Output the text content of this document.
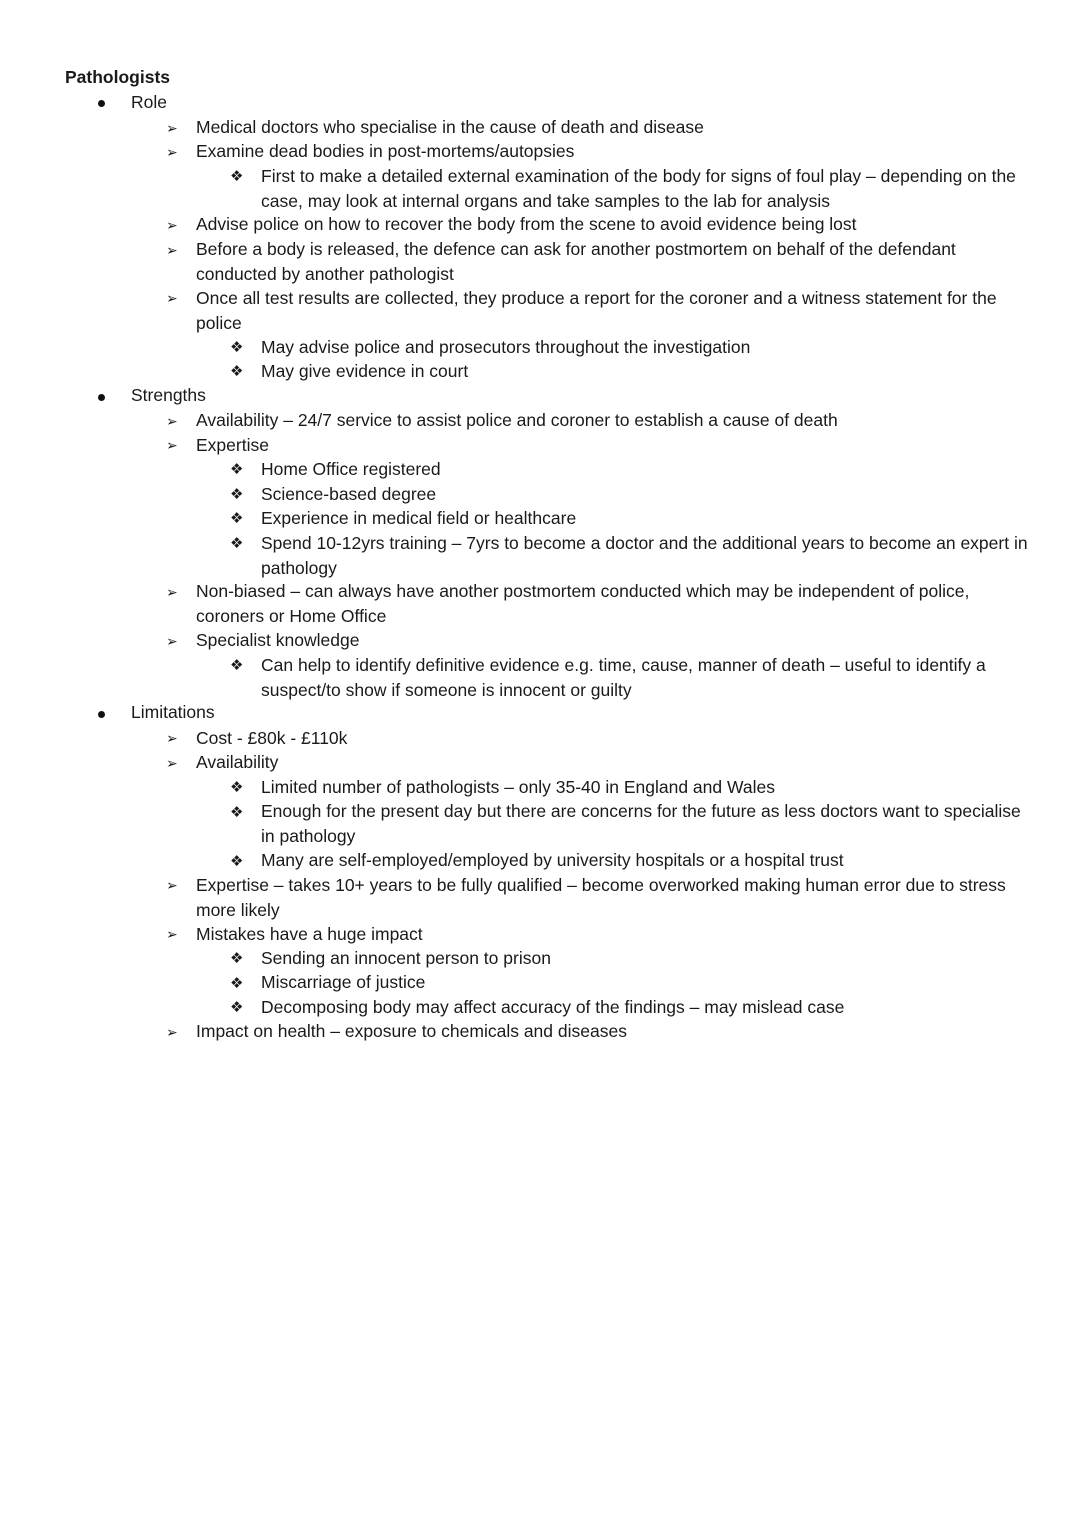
Pathologists
Role
➢ Medical doctors who specialise in the cause of death and disease
➢ Examine dead bodies in post-mortems/autopsies
❖ First to make a detailed external examination of the body for signs of foul play – depending on the case, may look at internal organs and take samples to the lab for analysis
➢ Advise police on how to recover the body from the scene to avoid evidence being lost
➢ Before a body is released, the defence can ask for another postmortem on behalf of the defendant conducted by another pathologist
➢ Once all test results are collected, they produce a report for the coroner and a witness statement for the police
❖ May advise police and prosecutors throughout the investigation
❖ May give evidence in court
Strengths
➢ Availability – 24/7 service to assist police and coroner to establish a cause of death
➢ Expertise
❖ Home Office registered
❖ Science-based degree
❖ Experience in medical field or healthcare
❖ Spend 10-12yrs training – 7yrs to become a doctor and the additional years to become an expert in pathology
➢ Non-biased – can always have another postmortem conducted which may be independent of police, coroners or Home Office
➢ Specialist knowledge
❖ Can help to identify definitive evidence e.g. time, cause, manner of death – useful to identify a suspect/to show if someone is innocent or guilty
Limitations
➢ Cost - £80k - £110k
➢ Availability
❖ Limited number of pathologists – only 35-40 in England and Wales
❖ Enough for the present day but there are concerns for the future as less doctors want to specialise in pathology
❖ Many are self-employed/employed by university hospitals or a hospital trust
➢ Expertise – takes 10+ years to be fully qualified – become overworked making human error due to stress more likely
➢ Mistakes have a huge impact
❖ Sending an innocent person to prison
❖ Miscarriage of justice
❖ Decomposing body may affect accuracy of the findings – may mislead case
➢ Impact on health – exposure to chemicals and diseases
